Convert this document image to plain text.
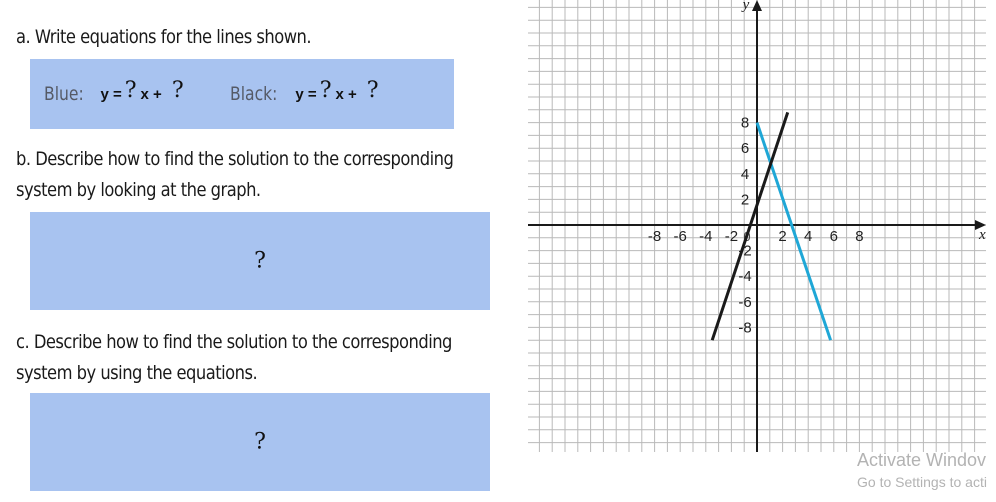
a. Write equations for the lines shown.
Blue: y = ? x + ? Black: y = ? x + ?
b. Describe how to find the solution to the corresponding
system by looking at the graph.
?
c. Describe how to find the solution to the corresponding
system by using the equations.
?
-8 -6 -4 -2	2 4 6 8
-8
-6
-4
-2
2
4
6
8
0	x
y
Activate Windov
Go to Settings to acti
